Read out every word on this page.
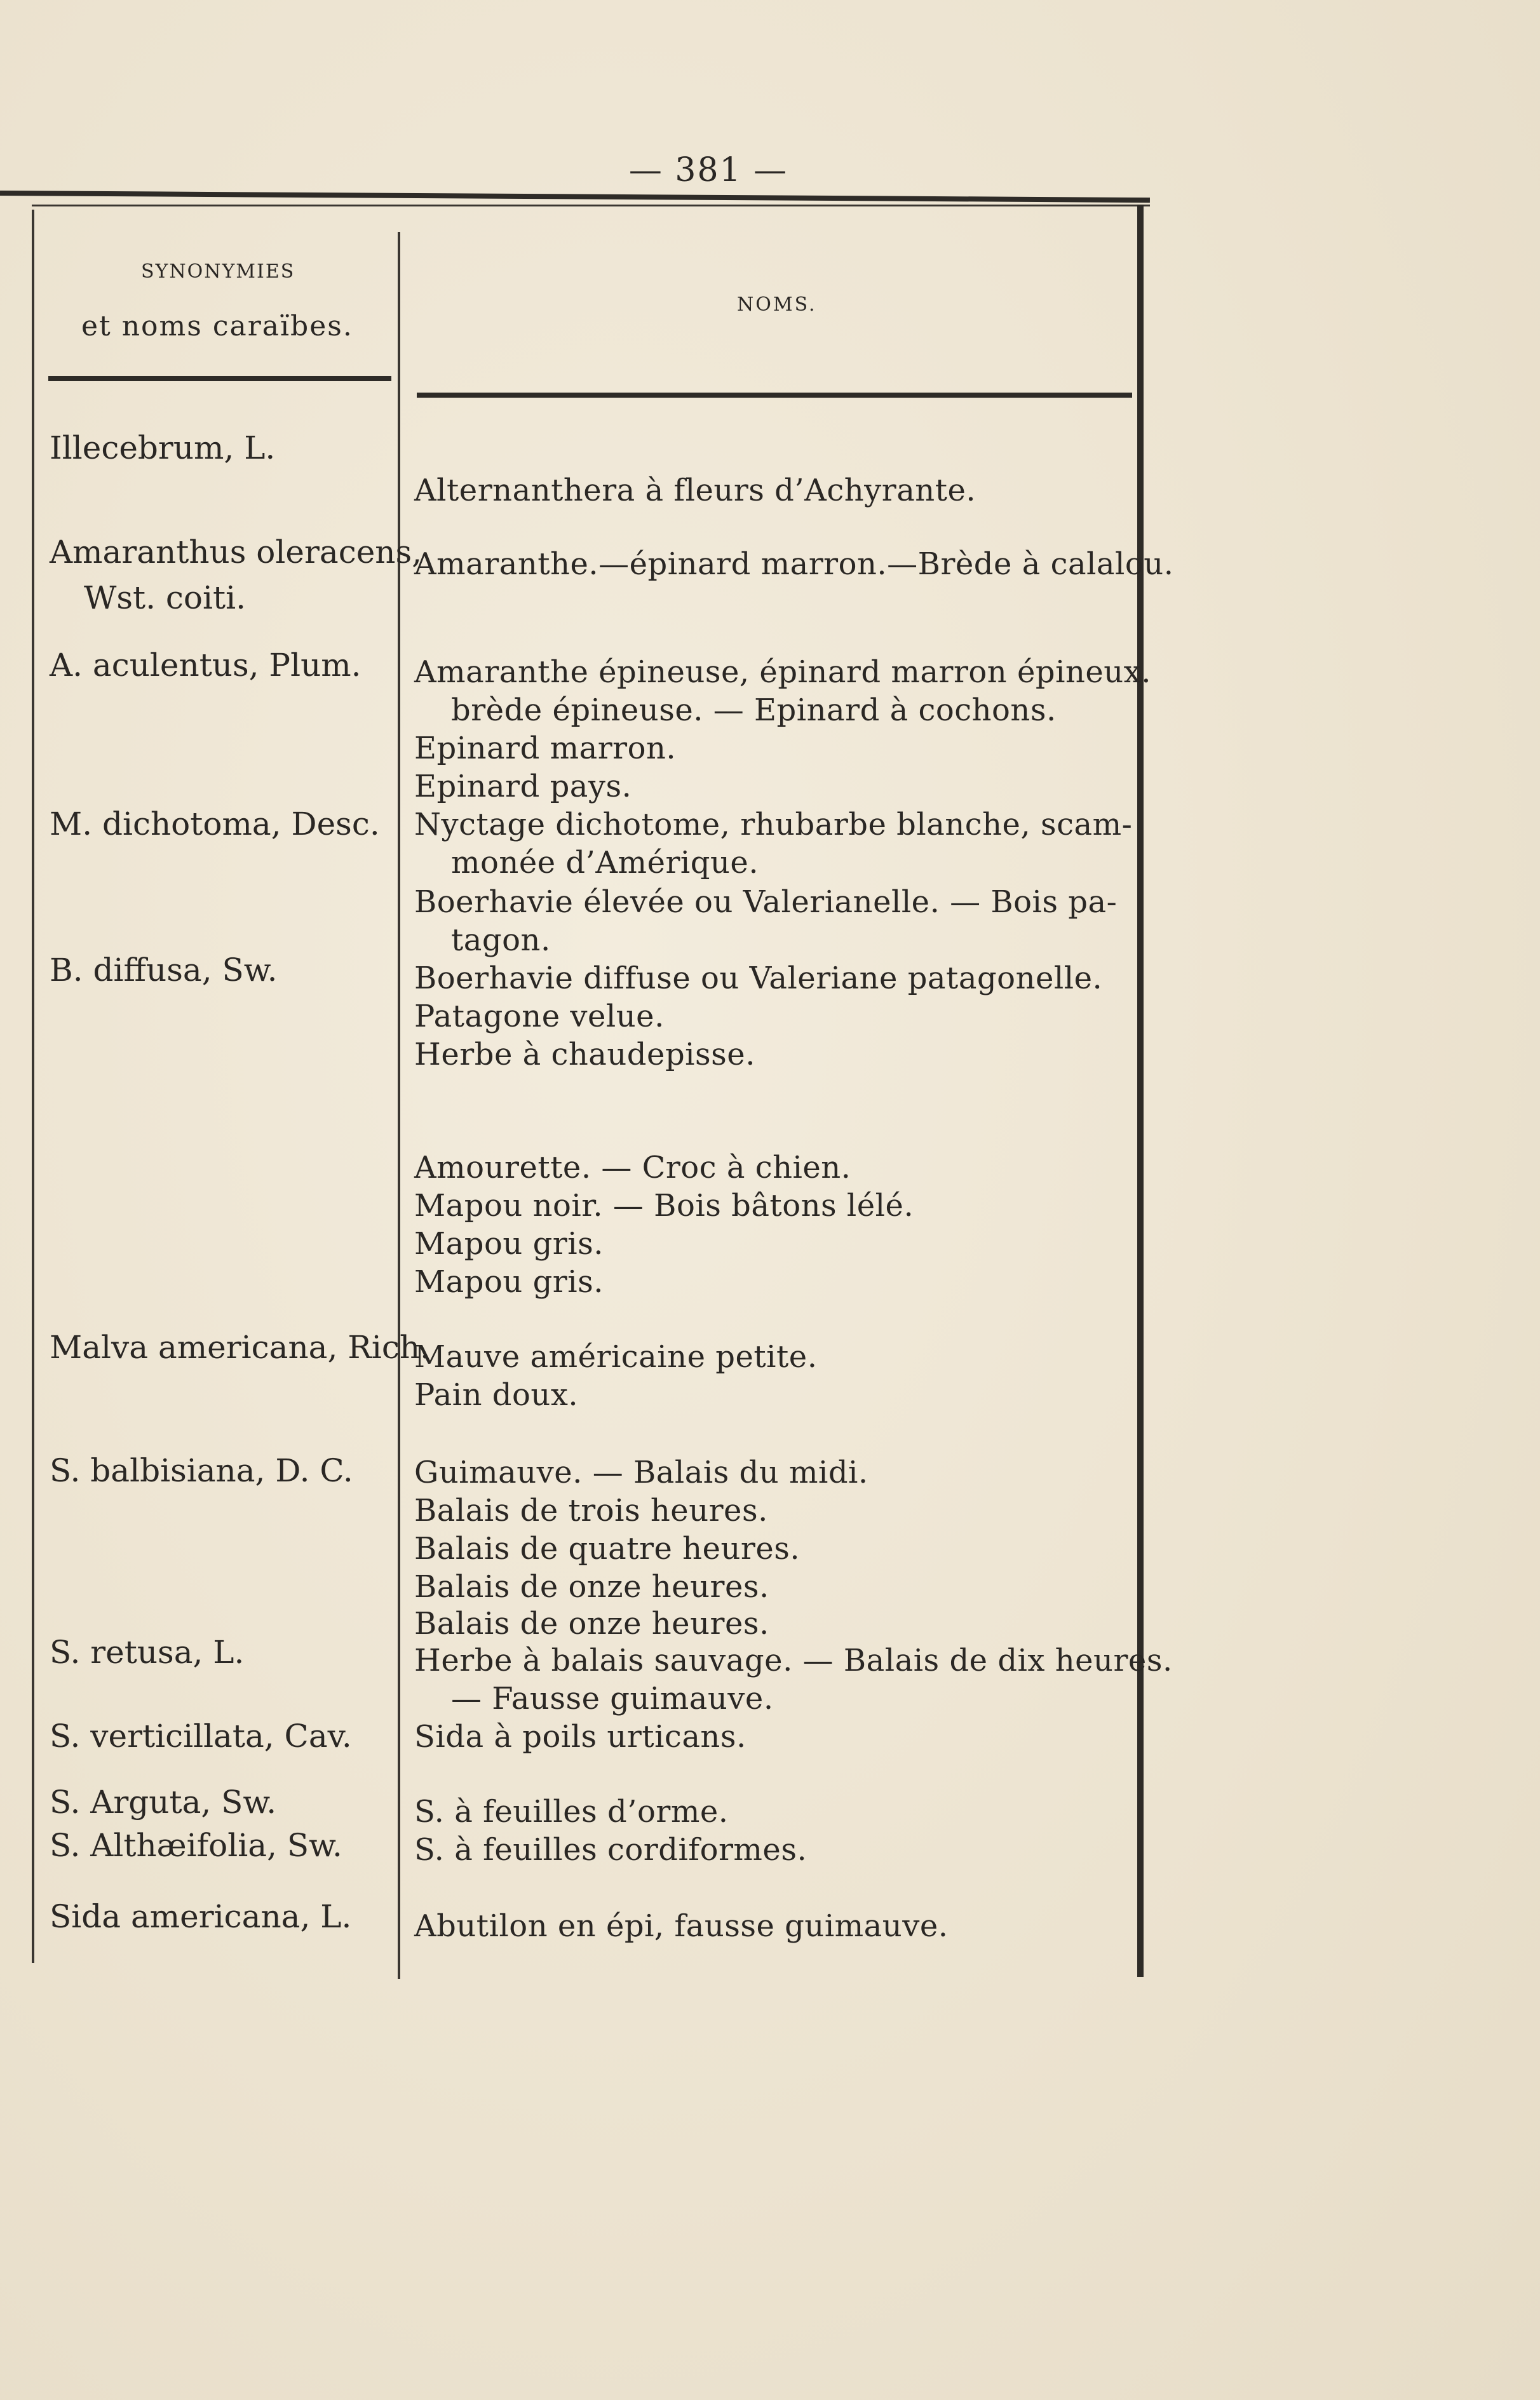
— 381 —
SYNONYMIES
et noms caraïbes.
NOMS.
Illecebrum, L.
Amaranthus oleracens,
Wst. coiti.
A. aculentus, Plum.
M. dichotoma, Desc.
B. diffusa, Sw.
Malva americana, Rich.
S. balbisiana, D. C.
S. retusa, L.
S. verticillata, Cav.
S. Arguta, Sw.
S. Althæifolia, Sw.
Sida americana, L.
Alternanthera à fleurs d’Achyrante.
Amaranthe.—épinard marron.—Brède à calalou.
Amaranthe épineuse, épinard marron épineux.
brède épineuse. — Epinard à cochons.
Epinard marron.
Epinard pays.
Nyctage dichotome, rhubarbe blanche, scam-
monée d’Amérique.
Boerhavie élevée ou Valerianelle. — Bois pa-
tagon.
Boerhavie diffuse ou Valeriane patagonelle.
Patagone velue.
Herbe à chaudepisse.
Amourette. — Croc à chien.
Mapou noir. — Bois bâtons lélé.
Mapou gris.
Mapou gris.
Mauve américaine petite.
Pain doux.
Guimauve. — Balais du midi.
Balais de trois heures.
Balais de quatre heures.
Balais de onze heures.
Balais de onze heures.
Herbe à balais sauvage. — Balais de dix heures.
— Fausse guimauve.
Sida à poils urticans.
S. à feuilles d’orme.
S. à feuilles cordiformes.
Abutilon en épi, fausse guimauve.
